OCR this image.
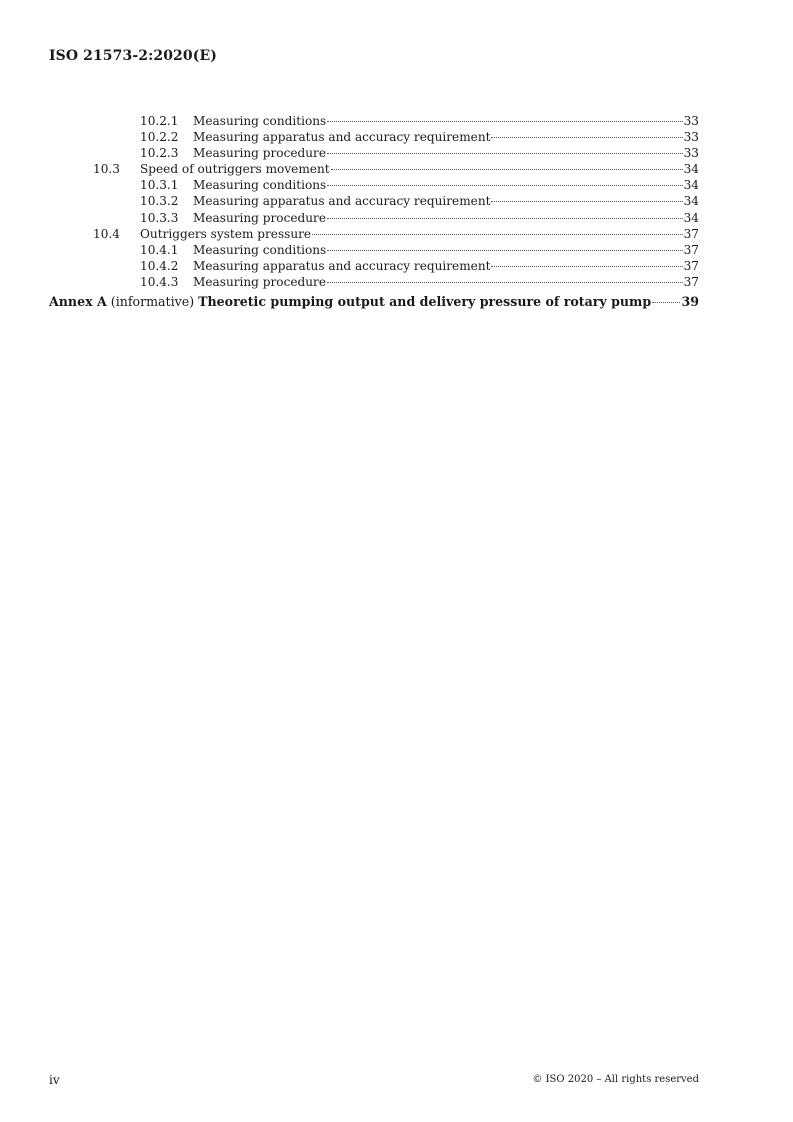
ISO 21573-2:2020(E)
10.2.1 Measuring conditions	33
10.2.2 Measuring apparatus and accuracy requirement	33
10.2.3 Measuring procedure	33
10.3 Speed of outriggers movement	34
10.3.1 Measuring conditions	34
10.3.2 Measuring apparatus and accuracy requirement	34
10.3.3 Measuring procedure	34
10.4 Outriggers system pressure	37
10.4.1 Measuring conditions	37
10.4.2 Measuring apparatus and accuracy requirement	37
10.4.3 Measuring procedure	37
Annex A (informative) Theoretic pumping output and delivery pressure of rotary pump 39
iv	© ISO 2020 – All rights reserved
